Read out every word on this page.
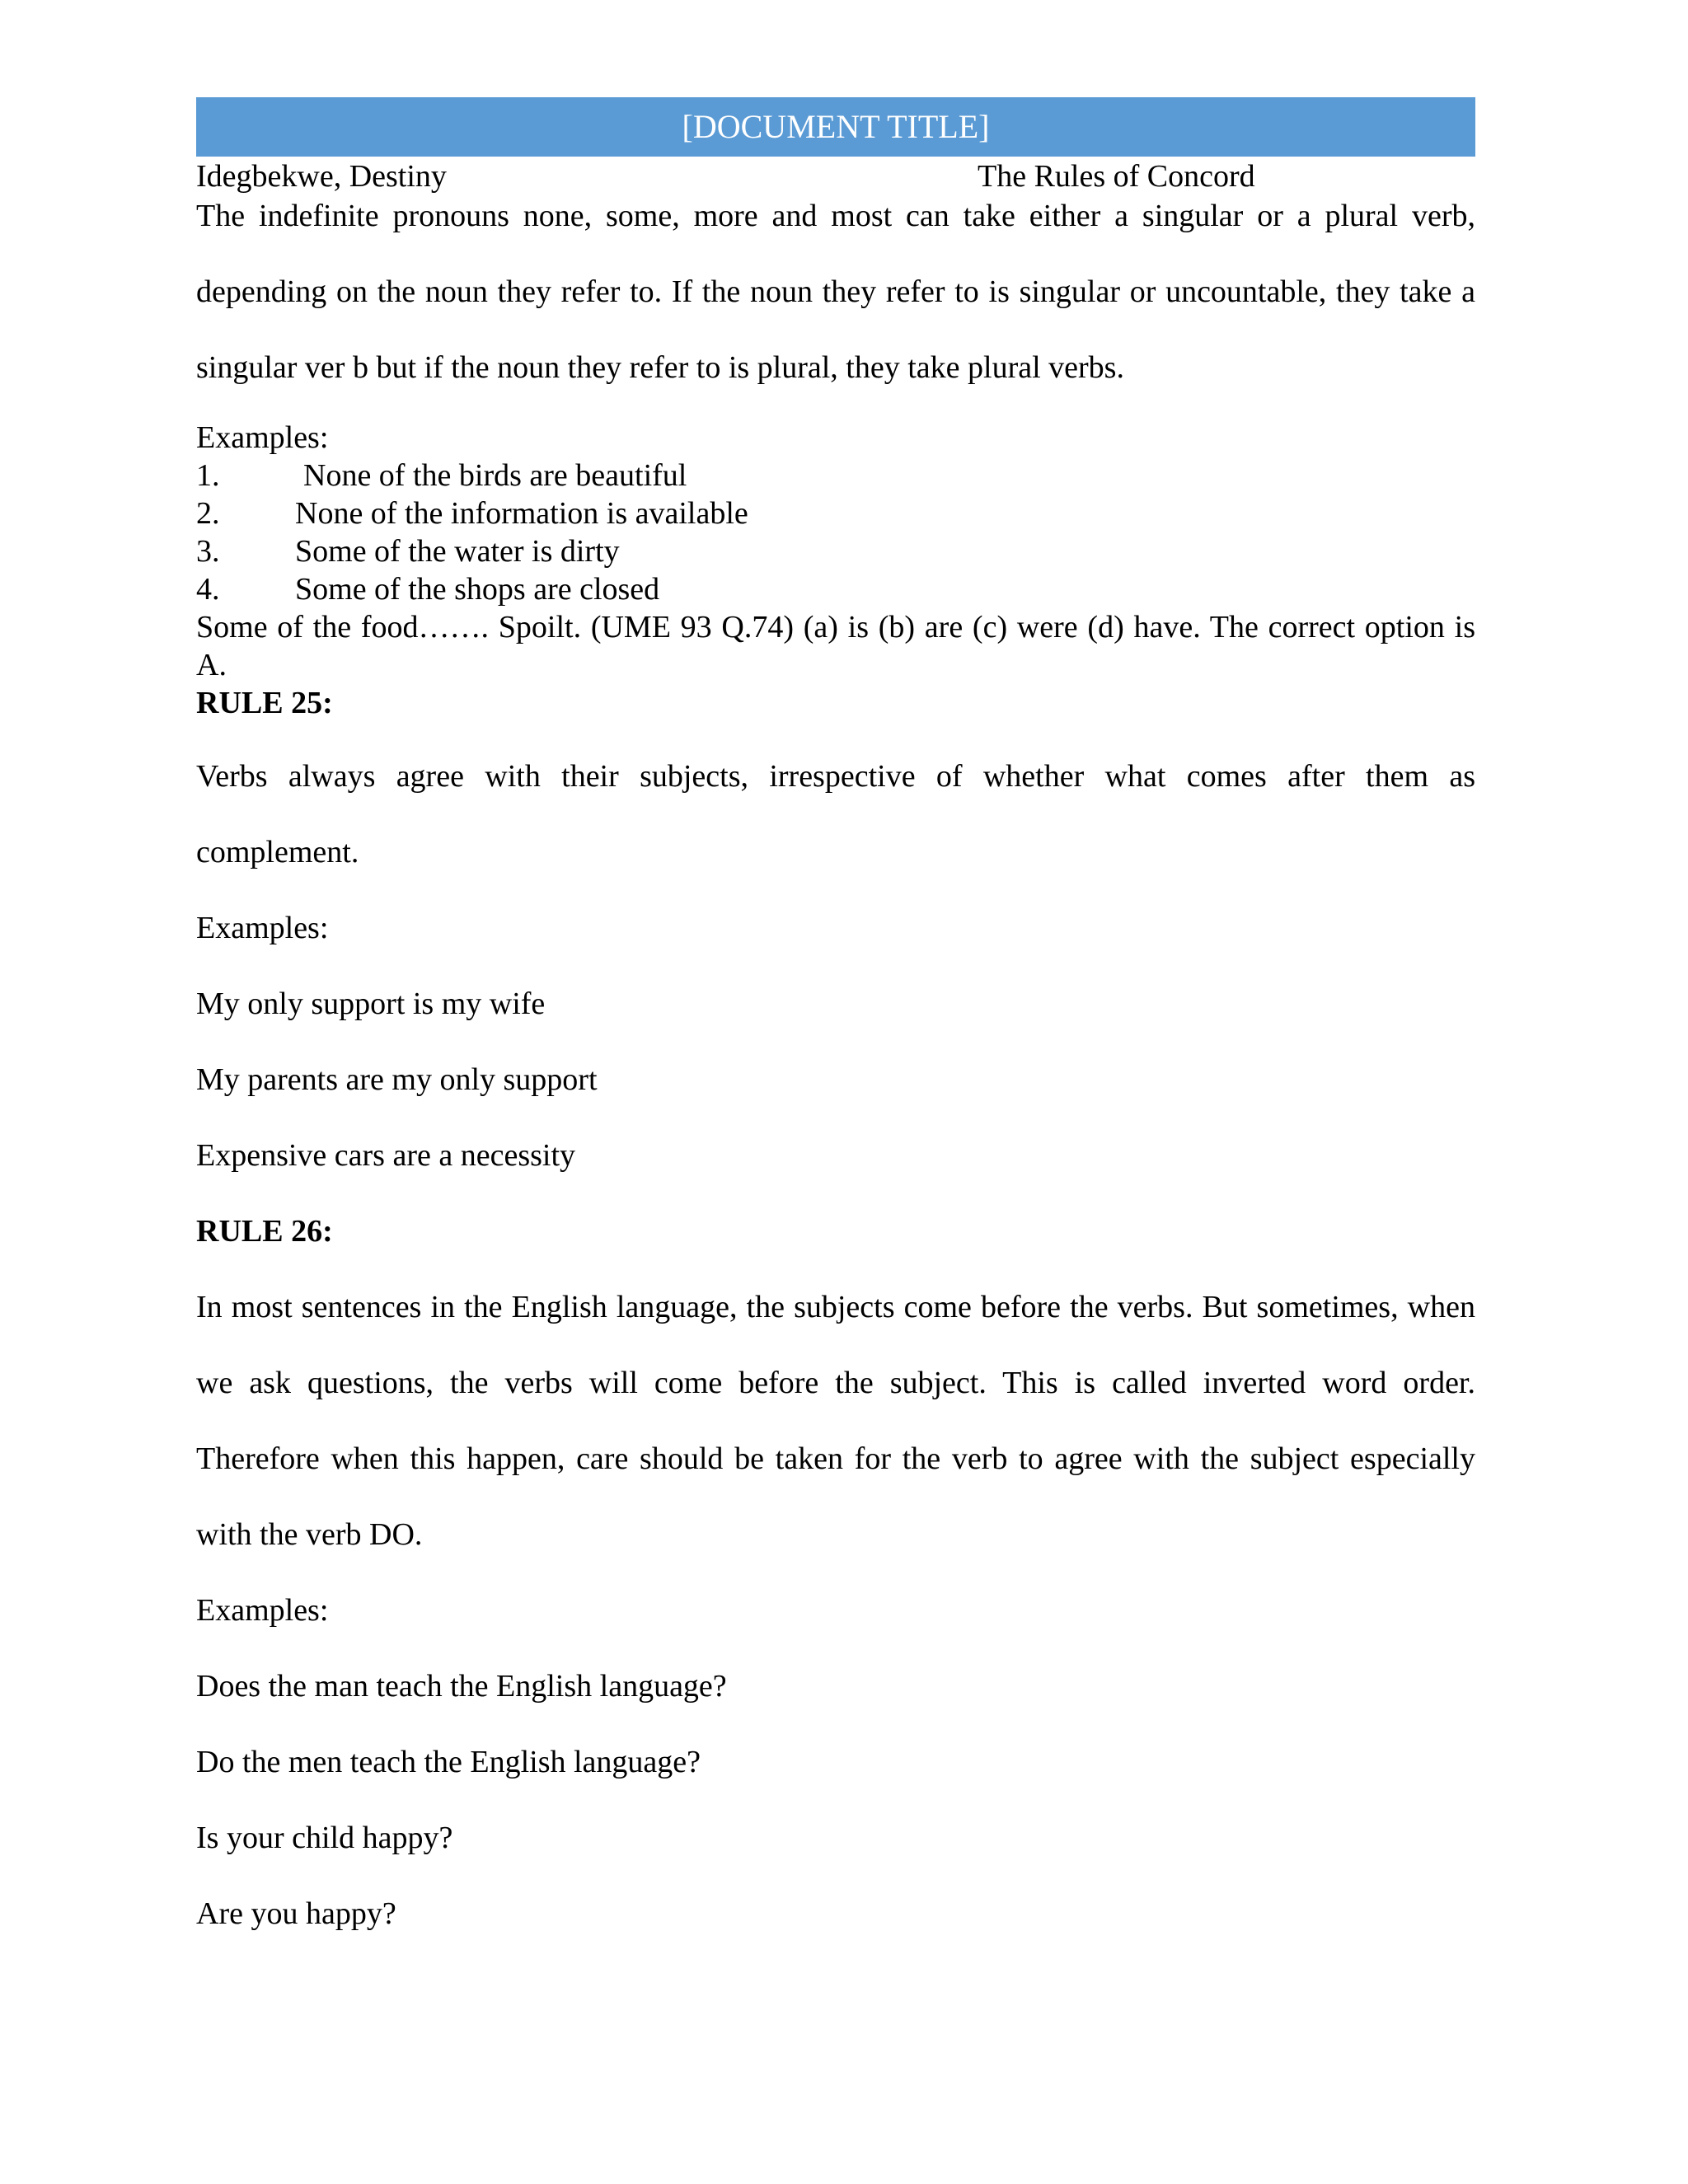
[DOCUMENT TITLE]
Idegbekwe, Destiny	The Rules of Concord

The indefinite pronouns none, some, more and most can take either a singular or a plural verb, depending on the noun they refer to. If the noun they refer to is singular or uncountable, they take a singular ver b but if the noun they refer to is plural, they take plural verbs.

Examples:

1.	None of the birds are beautiful
2. None of the information is available
3. Some of the water is dirty
4. Some of the shops are closed

Some of the food……. Spoilt. (UME 93 Q.74) (a) is (b) are (c) were (d) have. The correct option is A.

RULE 25:

Verbs always agree with their subjects, irrespective of whether what comes after them as complement.

Examples:

My only support is my wife

My parents are my only support

Expensive cars are a necessity

RULE 26:

In most sentences in the English language, the subjects come before the verbs. But sometimes, when we ask questions, the verbs will come before the subject. This is called inverted word order. Therefore when this happen, care should be taken for the verb to agree with the subject especially with the verb DO.

Examples:

Does the man teach the English language?

Do the men teach the English language?

Is your child happy?

Are you happy?
